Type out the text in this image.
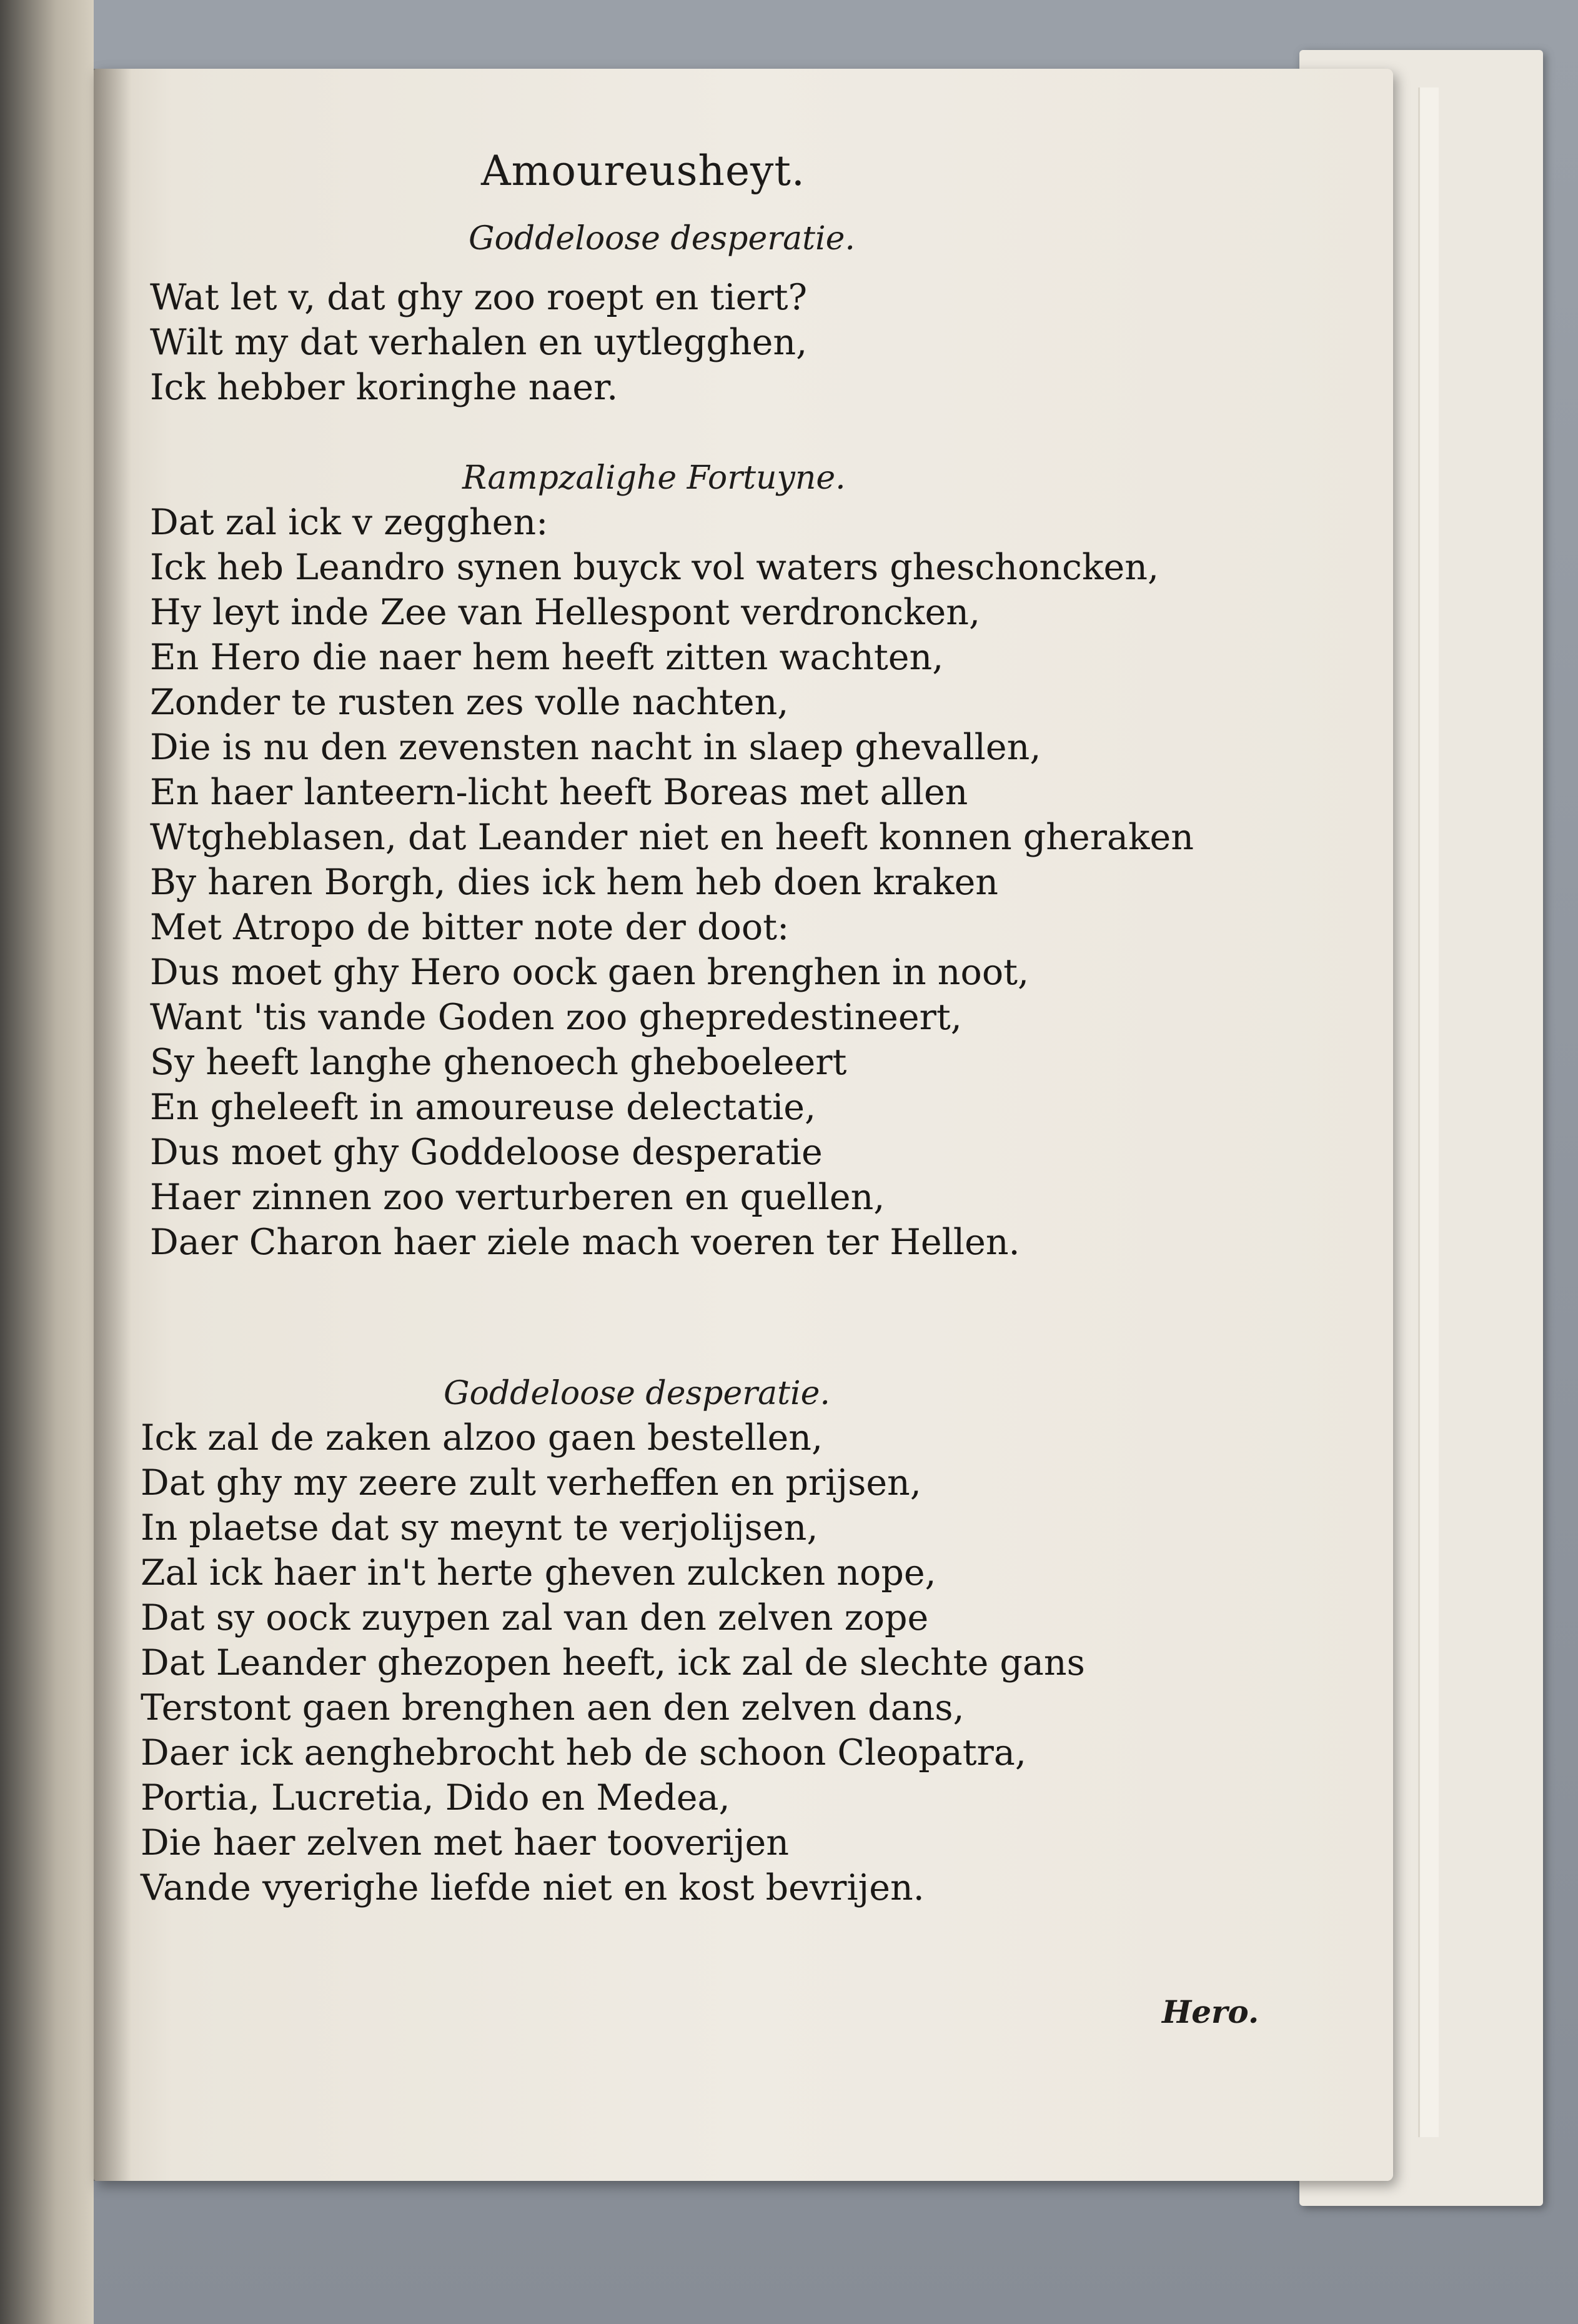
Amoureusheyt.
Goddeloose desperatie.
Wat let v, dat ghy zoo roept en tiert?
Wilt my dat verhalen en uytlegghen,
Ick hebber koringhe naer.
Rampzalighe Fortuyne.
Dat zal ick v zegghen:
Ick heb Leandro synen buyck vol waters gheschoncken,
Hy leyt inde Zee van Hellespont verdroncken,
En Hero die naer hem heeft zitten wachten,
Zonder te rusten zes volle nachten,
Die is nu den zevensten nacht in slaep ghevallen,
En haer lanteern-licht heeft Boreas met allen
Wtgheblasen, dat Leander niet en heeft konnen gheraken
By haren Borgh, dies ick hem heb doen kraken
Met Atropo de bitter note der doot:
Dus moet ghy Hero oock gaen brenghen in noot,
Want 'tis vande Goden zoo ghepredestineert,
Sy heeft langhe ghenoech gheboeleert
En gheleeft in amoureuse delectatie,
Dus moet ghy Goddeloose desperatie
Haer zinnen zoo verturberen en quellen,
Daer Charon haer ziele mach voeren ter Hellen.
Goddeloose desperatie.
Ick zal de zaken alzoo gaen bestellen,
Dat ghy my zeere zult verheffen en prijsen,
In plaetse dat sy meynt te verjolijsen,
Zal ick haer in't herte gheven zulcken nope,
Dat sy oock zuypen zal van den zelven zope
Dat Leander ghezopen heeft, ick zal de slechte gans
Terstont gaen brenghen aen den zelven dans,
Daer ick aenghebrocht heb de schoon Cleopatra,
Portia, Lucretia, Dido en Medea,
Die haer zelven met haer tooverijen
Vande vyerighe liefde niet en kost bevrijen.
Hero.
